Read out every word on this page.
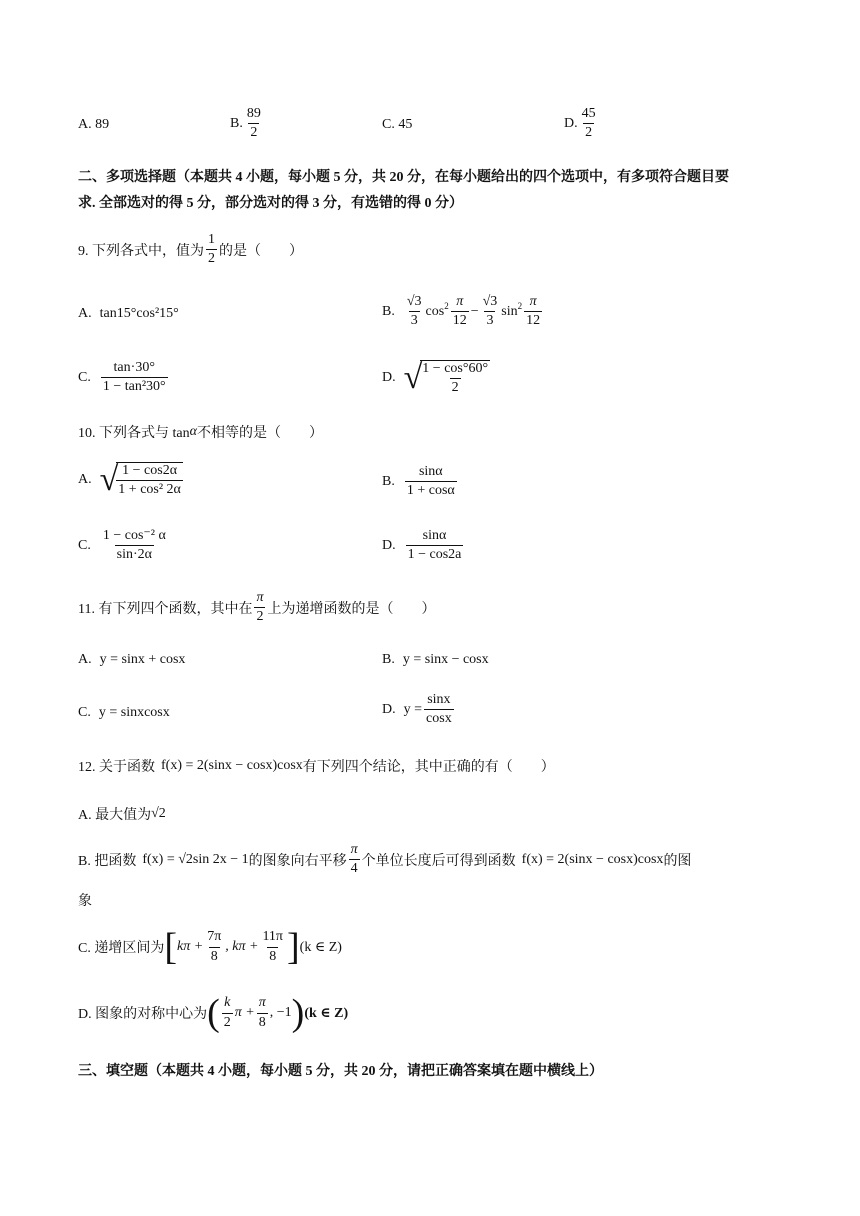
A. 89	B. $\frac{89}{2}$	C. 45	D. $\frac{45}{2}$
二、多项选择题（本题共 4 小题，每小题 5 分，共 20 分，在每小题给出的四个选项中，有多项符合题目要
求. 全部选对的得 5 分，部分选对的得 3 分，有选错的得 0 分）
9. 下列各式中，值为 $\frac{1}{2}$ 的是（　　）
A. tan15°cos²15°	B. $\frac{√3}{3} \cos^2 \frac{\pi}{12} - \frac{√3}{3} \sin^2 \frac{\pi}{12}$
C. $\frac{\tan\cdot 30^\circ}{\text{1 − tan²30°}}$	D. √
$\frac{1 - \cos^\circ 60^\circ}{2}$
10. 下列各式与 tan α 不相等的是（　　）
A. √
$\frac{1 - \cos 2\alpha}{\text{1 + cos² 2α}}$	B. $\frac{\sin\alpha}{1 + \cos\alpha}$
C. $\frac{\text{1 − cos⁻² α}}{\sin\cdot 2\alpha}$	D. $\frac{\sin\alpha}{1 - \cos 2a}$
11. 有下列四个函数，其中在 $\frac{\pi}{2}$ 上为递增函数的是（　　）
A. y = sinx + cosx	B. y = sinx − cosx
C. y = sinxcosx	D. $y = \frac{\sin x}{\cos x}$
12. 关于函数 f(x) = 2(sinx − cosx)cosx 有下列四个结论，其中正确的有（　　）
A. 最大值为 √2
B. 把函数 f(x) = √2sin 2x − 1 的图象向右平移 $\frac{\pi}{4}$ 个单位长度后可得到函数 f(x) = 2(sinx − cosx)cosx 的图
象
C. 递增区间为 [ $k\pi + \frac{7\pi}{8}$ , $k\pi + \frac{11\pi}{8}$ ] (k ∈ Z)
D. 图象的对称中心为 ( $\frac{k}{2}$ $\pi + \frac{\pi}{8}$ , −1 ) (k ∈ Z)
三、填空题（本题共 4 小题，每小题 5 分，共 20 分，请把正确答案填在题中横线上）
